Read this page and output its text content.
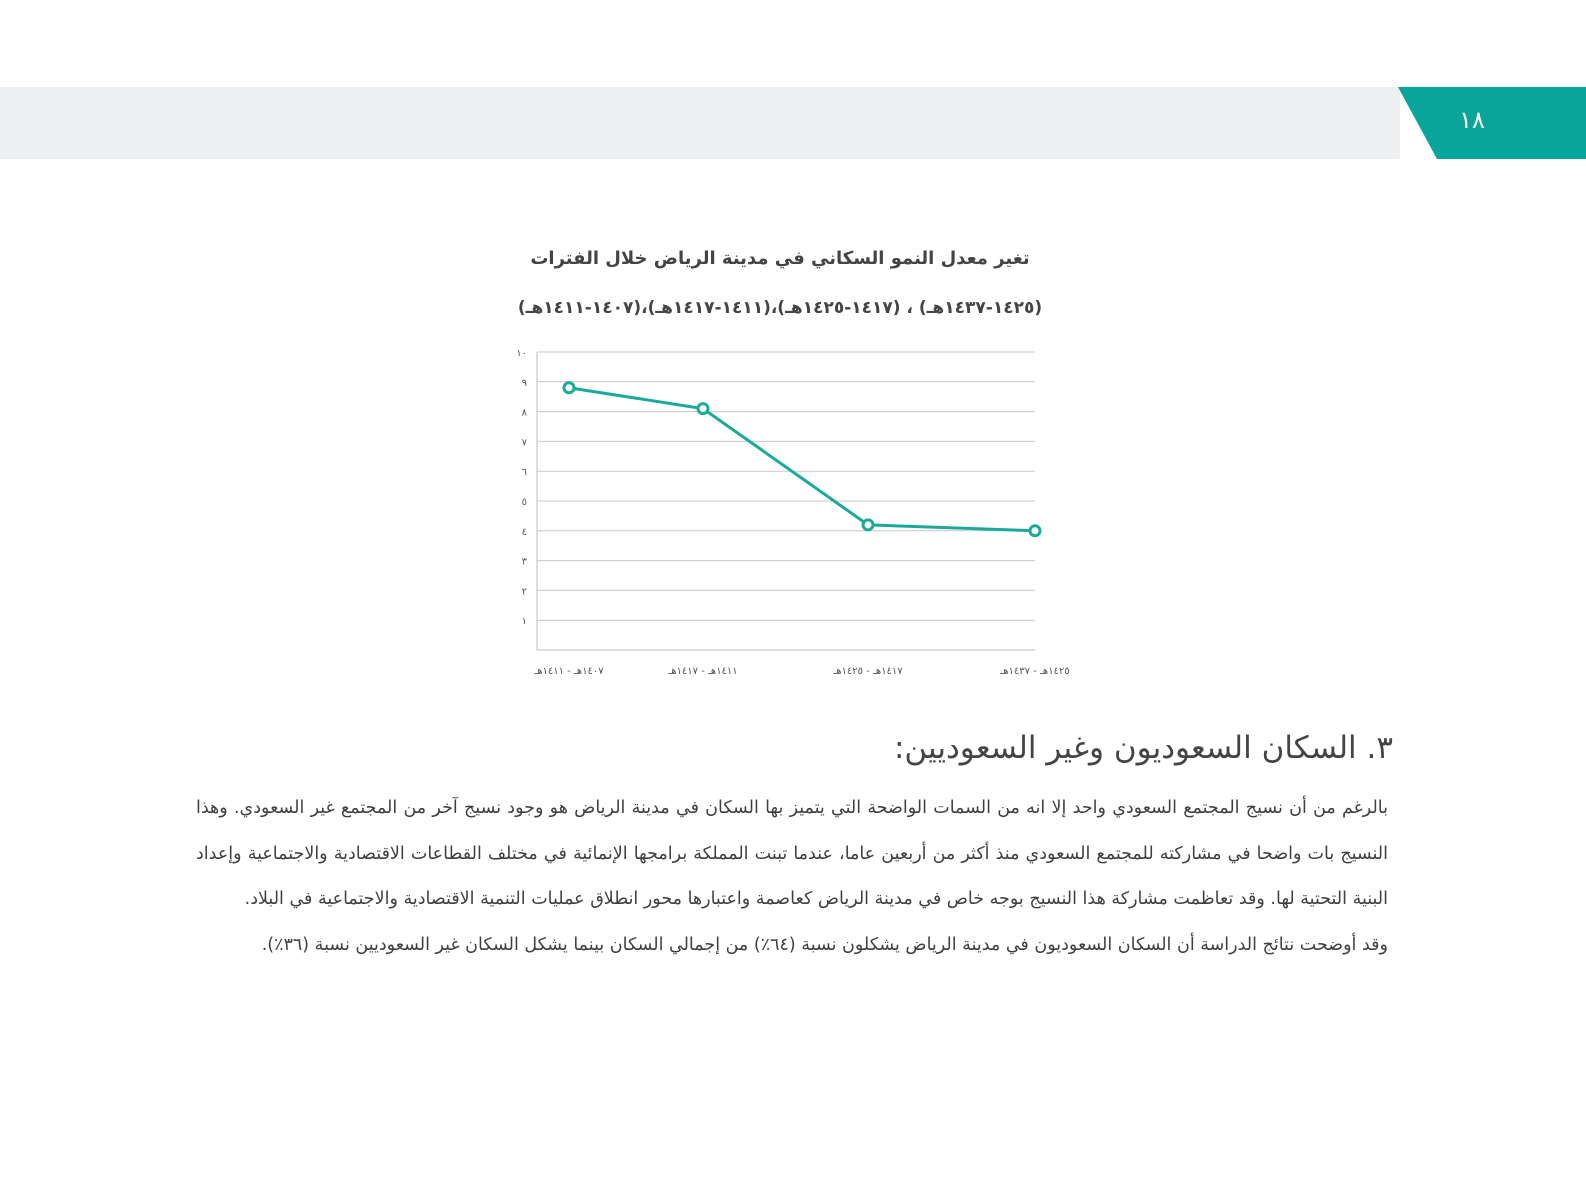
١٨
تغير معدل النمو السكاني في مدينة الرياض خلال الفترات
(١٤٠٧-١٤١١هـ)،(١٤١١-١٤١٧هـ)،(١٤١٧-١٤٢٥هـ) ، (١٤٢٥-١٤٣٧هـ)
١
٢
٣
٤
٥
٦
٧
٨
٩
١٠
١٤٠٧هـ - ١٤١١هـ	١٤١١هـ - ١٤١٧هـ	١٤١٧هـ - ١٤٢٥هـ	١٤٢٥هـ - ١٤٣٧هـ
٣. السكان السعوديون وغير السعوديين:

بالرغم من أن نسيج المجتمع السعودي واحد إلا انه من السمات الواضحة التي يتميز بها السكان في مدينة الرياض هو وجود نسيج آخر من المجتمع غير السعودي. وهذا النسيج بات واضحا في مشاركته للمجتمع السعودي منذ أكثر من أربعين عاما، عندما تبنت المملكة برامجها الإنمائية في مختلف القطاعات الاقتصادية والاجتماعية وإعداد البنية التحتية لها. وقد تعاظمت مشاركة هذا النسيج بوجه خاص في مدينة الرياض كعاصمة واعتبارها محور انطلاق عمليات التنمية الاقتصادية والاجتماعية في البلاد.

وقد أوضحت نتائج الدراسة أن السكان السعوديون في مدينة الرياض يشكلون نسبة (٦٤٪) من إجمالي السكان بينما يشكل السكان غير السعوديين نسبة (٣٦٪).
